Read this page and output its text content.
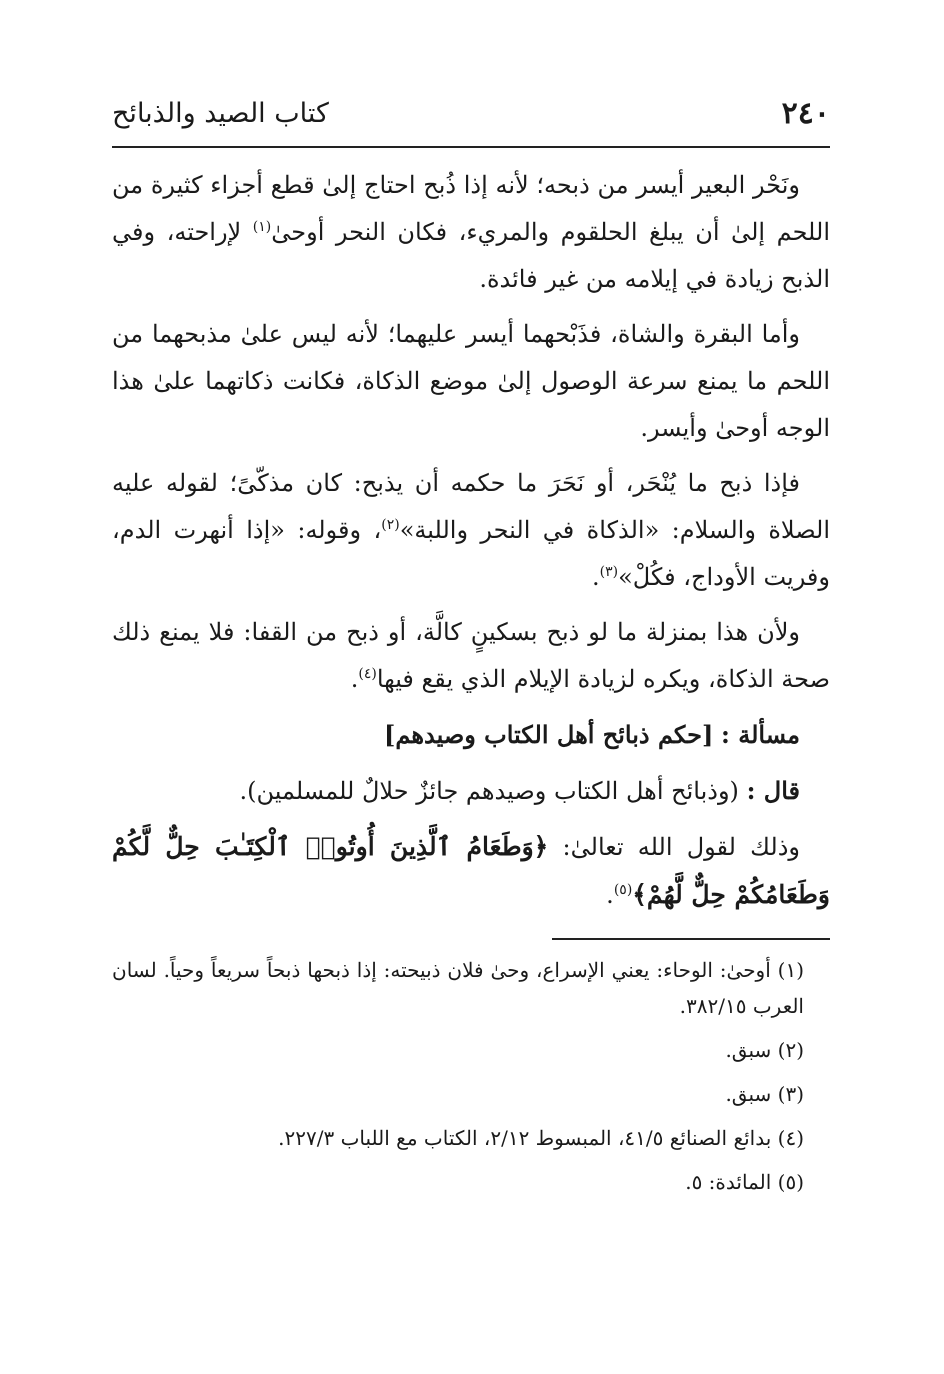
٢٤٠
كتاب الصيد والذبائح

ونَحْر البعير أيسر من ذبحه؛ لأنه إذا ذُبح احتاج إلىٰ قطع أجزاء كثيرة من اللحم إلىٰ أن يبلغ الحلقوم والمريء، فكان النحر أوحىٰ$^{(١)}$ لإراحته، وفي الذبح زيادة في إيلامه من غير فائدة.

وأما البقرة والشاة، فذَبْحهما أيسر عليهما؛ لأنه ليس علىٰ مذبحهما من اللحم ما يمنع سرعة الوصول إلىٰ موضع الذكاة، فكانت ذكاتهما علىٰ هذا الوجه أوحىٰ وأيسر.

فإذا ذبح ما يُنْحَر، أو نَحَرَ ما حكمه أن يذبح: كان مذكّىً؛ لقوله عليه الصلاة والسلام: «الذكاة في النحر واللبة»$^{(٢)}$، وقوله: «إذا أنهرت الدم، وفريت الأوداج، فكُلْ»$^{(٣)}$.

ولأن هذا بمنزلة ما لو ذبح بسكينٍ كالَّة، أو ذبح من القفا: فلا يمنع ذلك صحة الذكاة، ويكره لزيادة الإيلام الذي يقع فيها$^{(٤)}$.

مسألة : [حكم ذبائح أهل الكتاب وصيدهم]

قال : (وذبائح أهل الكتاب وصيدهم جائزٌ حلالٌ للمسلمين).

وذلك لقول الله تعالىٰ: ﴿وَطَعَامُ ٱلَّذِينَ أُوتُوا۟ ٱلْكِتَـٰبَ حِلٌّ لَّكُمْ وَطَعَامُكُمْ حِلٌّ لَّهُمْ﴾$^{(٥)}$.

(١) أوحىٰ: الوحاء: يعني الإسراع، وحىٰ فلان ذبيحته: إذا ذبحها ذبحاً سريعاً وحياً. لسان العرب ٣٨٢/١٥.

(٢) سبق.

(٣) سبق.

(٤) بدائع الصنائع ٤١/٥، المبسوط ٢/١٢، الكتاب مع اللباب ٢٢٧/٣.

(٥) المائدة: ٥.
